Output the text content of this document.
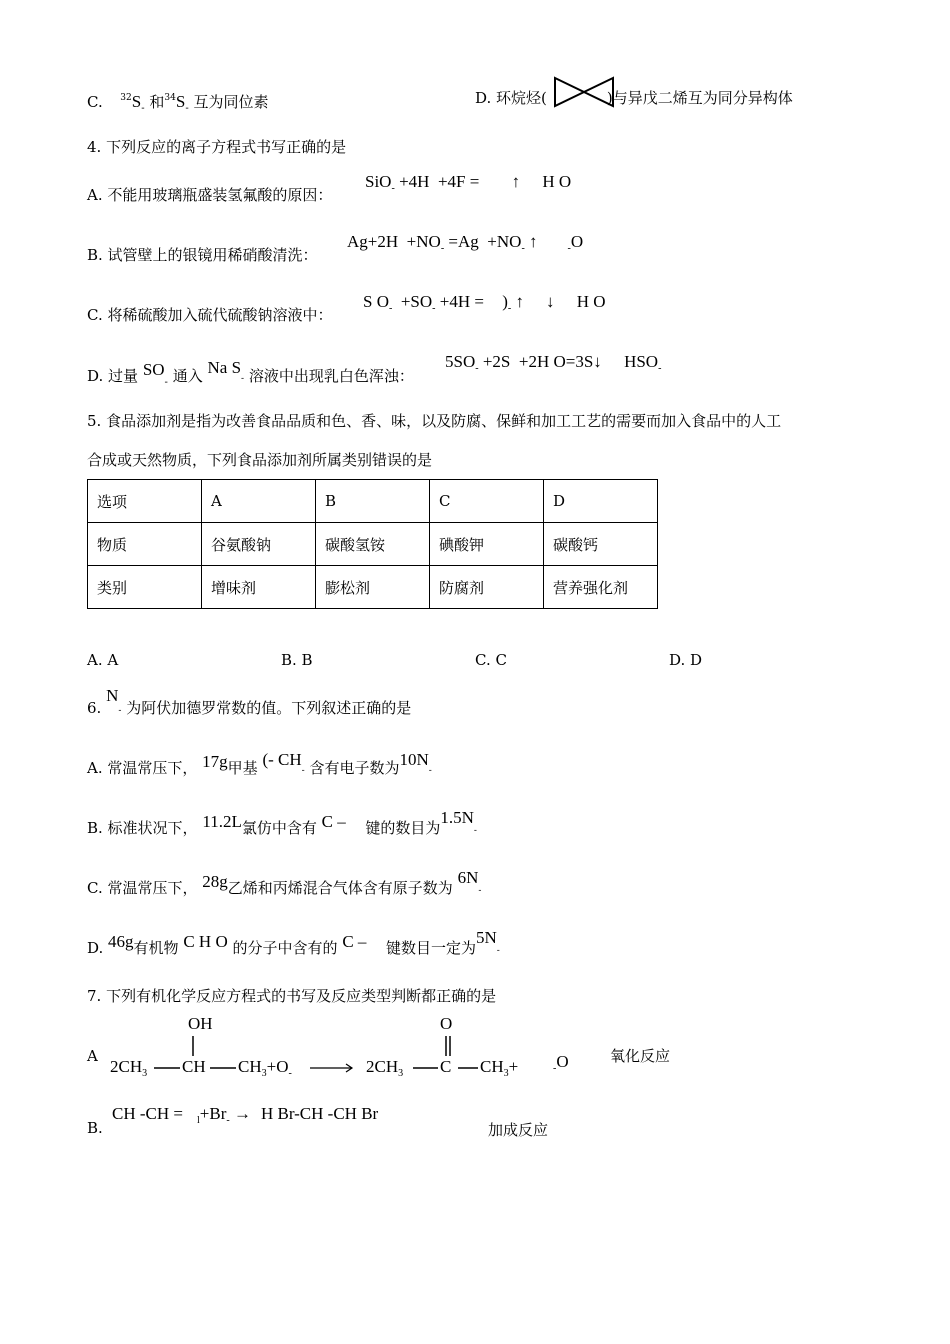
C. $^{32}S_-$ 和$^{34}S_-$ 互为同位素	D. 环烷烃(	)与异戊二烯互为同分异构体
4. 下列反应的离子方程式书写正确的是
A. 不能用玻璃瓶盛装氢氟酸的原因：
SiO$_-$ +4H +4F = ↑ H O
B. 试管壁上的银镜用稀硝酸清洗：
$Ag+2H +NO_- =Ag +NO_-$ ↑	$_-$O
C. 将稀硫酸加入硫代硫酸钠溶液中：
S $O_- +SO_- +4H = )_-$ ↑ ↓ H O
D. 过量 $SO_-$ 通入 Na S- 溶液中出现乳白色浑浊：
$5SO_- +2S +2H$ O=3S↓ $HSO_-$
5. 食品添加剂是指为改善食品品质和色、香、味，以及防腐、保鲜和加工工艺的需要而加入食品中的人工
合成或天然物质，下列食品添加剂所属类别错误的是
选项	A	B	C	D
物质	谷氨酸钠	碳酸氢铵	碘酸钾	碳酸钙
类别	增味剂	膨松剂	防腐剂	营养强化剂
A. A	B. B	C. C	D. D
6. N- 为阿伏加德罗常数的值。下列叙述正确的是
A. 常温常压下， 17g甲基 (- CH- 含有电子数为10N-
B. 标准状况下， 11.2L氯仿中含有 C – 键的数目为1.5N-
C. 常温常压下， 28g乙烯和丙烯混合气体含有原子数为 6N-
D. 46g有机物 C H O 的分子中含有的 C – 键数目一定为5N-
7. 下列有机化学反应方程式的书写及反应类型判断都正确的是
A
OH	O
$2CH_3$ CH $CH_3+O_-$	$2CH_3$ C $CH_3+$	$_-$O	氧化反应
B.
CH $-CH = _l+Br_- \to H$ Br-CH -CH Br
加成反应
